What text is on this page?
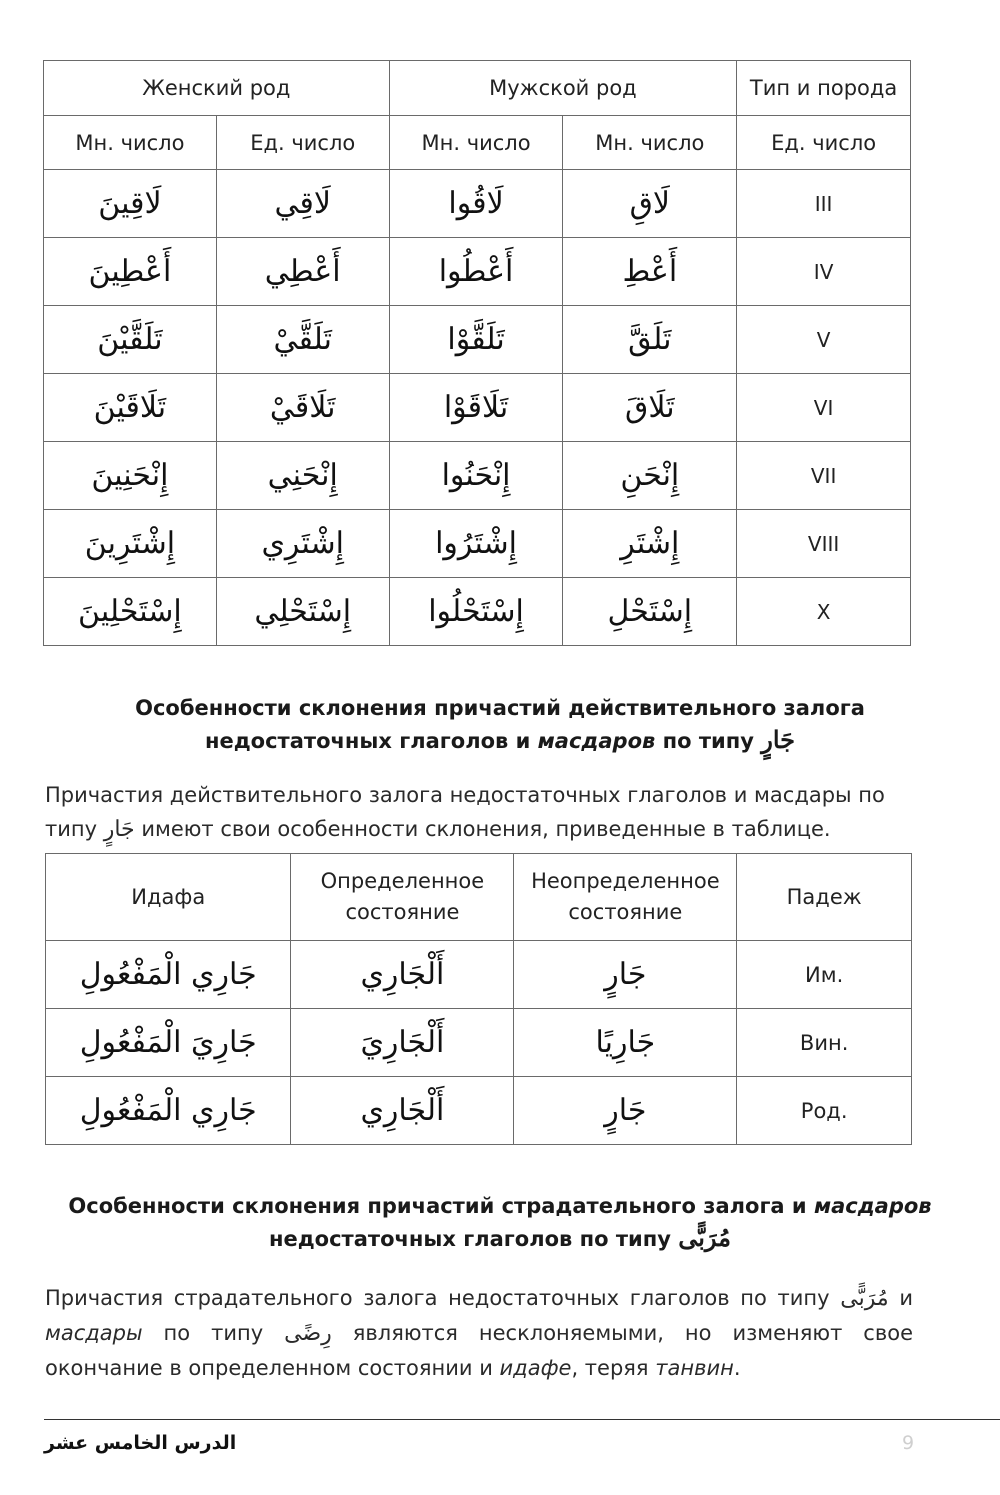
Женский род		Мужской род		Тип и порода
Мн. число	Ед. число	Мн. число	Мн. число	Ед. число
لَاقِينَ	لَاقِي	لَاقُوا	لَاقِ	III
أَعْطِينَ	أَعْطِي	أَعْطُوا	أَعْطِ	IV
تَلَقَّيْنَ	تَلَقَّيْ	تَلَقَّوْا	تَلَقَّ	V
تَلَاقَيْنَ	تَلَاقَيْ	تَلَاقَوْا	تَلَاقَ	VI
إِنْحَنِينَ	إِنْحَنِي	إِنْحَنُوا	إِنْحَنِ	VII
إِشْتَرِينَ	إِشْتَرِي	إِشْتَرُوا	إِشْتَرِ	VIII
إِسْتَحْلِينَ	إِسْتَحْلِي	إِسْتَحْلُوا	إِسْتَحْلِ	X
Особенности склонения причастий действительного залога
недостаточных глаголов и масдаров по типу جَارٍ
Причастия действительного залога недостаточных глаголов и масдары по типу جَارٍ имеют свои особенности склонения, приведенные в таблице.
Идафа	Определенное состояние	Неопределенное состояние	Падеж
جَارِي الْمَفْعُولِ	أَلْجَارِي	جَارٍ	Им.
جَارِيَ الْمَفْعُولِ	أَلْجَارِيَ	جَارِيًا	Вин.
جَارِي الْمَفْعُولِ	أَلْجَارِي	جَارٍ	Род.
Особенности склонения причастий страдательного залога и масдаров
недостаточных глаголов по типу مُرَبًّى
Причастия страдательного залога недостаточных глаголов по типу مُرَبًّى и масдары по типу رِضًى являются несклоняемыми, но изменяют свое окончание в определенном состоянии и идафе, теряя танвин.
الدرس الخامس عشر	9
